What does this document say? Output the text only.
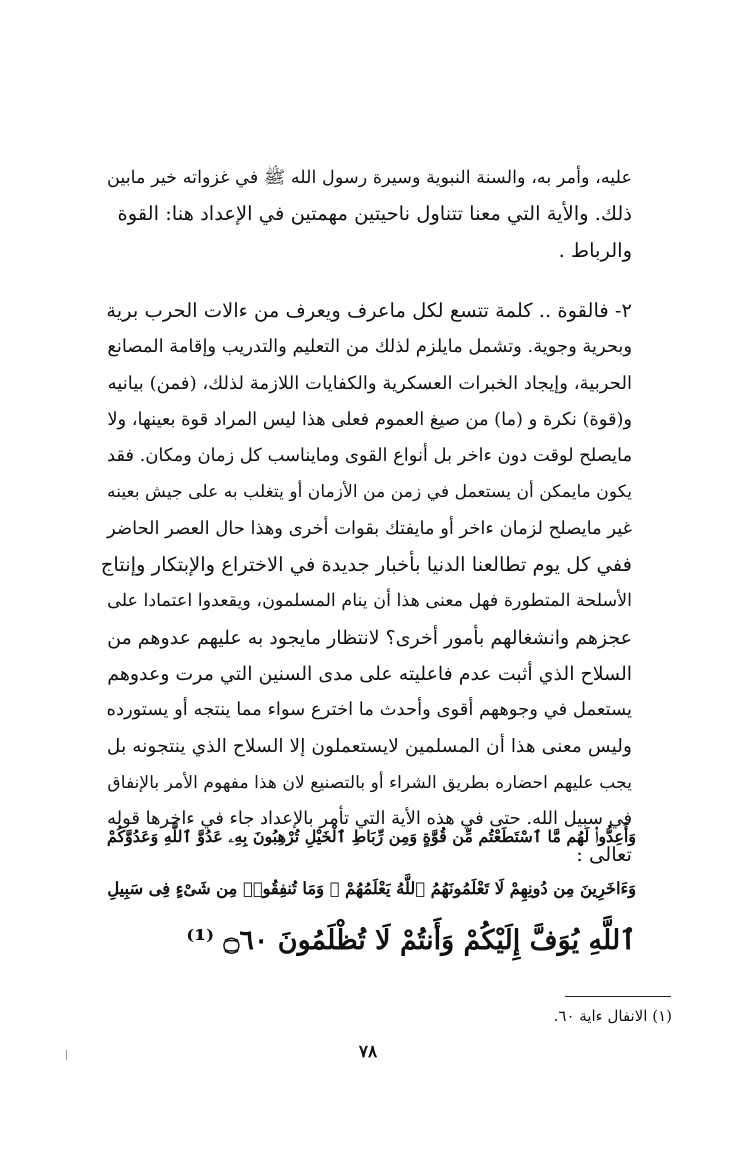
عليه، وأمر به، والسنة النبوية وسيرة رسول الله ﷺ في غزواته خير مابين
ذلك. والأية التي معنا تتناول ناحيتين مهمتين في الإعداد هنا: القوة
والرباط .
٢- فالقوة .. كلمة تتسع لكل ماعرف ويعرف من ءالات الحرب برية
وبحرية وجوية. وتشمل مايلزم لذلك من التعليم والتدريب وإقامة المصانع
الحربية، وإيجاد الخبرات العسكرية والكفايات اللازمة لذلك، (فمن) بيانيه
و(قوة) نكرة و (ما) من صيغ العموم فعلى هذا ليس المراد قوة بعينها، ولا
مايصلح لوقت دون ءاخر بل أنواع القوى ومايناسب كل زمان ومكان. فقد
يكون مايمكن أن يستعمل في زمن من الأزمان أو يتغلب به على جيش بعينه
غير مايصلح لزمان ءاخر أو مايفتك بقوات أخرى وهذا حال العصر الحاضر
ففي كل يوم تطالعنا الدنيا بأخبار جديدة في الاختراع والإبتكار وإنتاج
الأسلحة المتطورة فهل معنى هذا أن ينام المسلمون، ويقعدوا اعتمادا على
عجزهم وانشغالهم بأمور أخرى؟ لانتظار مايجود به عليهم عدوهم من
السلاح الذي أثبت عدم فاعليته على مدى السنين التي مرت وعدوهم
يستعمل في وجوههم أقوى وأحدث ما اخترع سواء مما ينتجه أو يستورده
وليس معنى هذا أن المسلمين لايستعملون إلا السلاح الذي ينتجونه بل
يجب عليهم احضاره بطريق الشراء أو بالتصنيع لان هذا مفهوم الأمر بالإنفاق
في سبيل الله. حتى في هذه الأية التي تأمر بالإعداد جاء في ءاخرها قوله
تعالى :
وَأَعِدُّوا۟ لَهُم مَّا ٱسْتَطَعْتُم مِّن قُوَّةٍ وَمِن رِّبَاطِ ٱلْخَيْلِ تُرْهِبُونَ بِهِۦ عَدُوَّ ٱللَّهِ وَعَدُوَّكُمْ
وَءَاخَرِينَ مِن دُونِهِمْ لَا تَعْلَمُونَهُمُ ٱللَّهُ يَعْلَمُهُمْ ۚ وَمَا تُنفِقُوا۟ مِن شَىْءٍ فِى سَبِيلِ
ٱللَّهِ يُوَفَّ إِلَيْكُمْ وَأَنتُمْ لَا تُظْلَمُونَ ۝٦٠ ⁽¹⁾
(١) الانفال ءاية ٦٠.
٧٨
